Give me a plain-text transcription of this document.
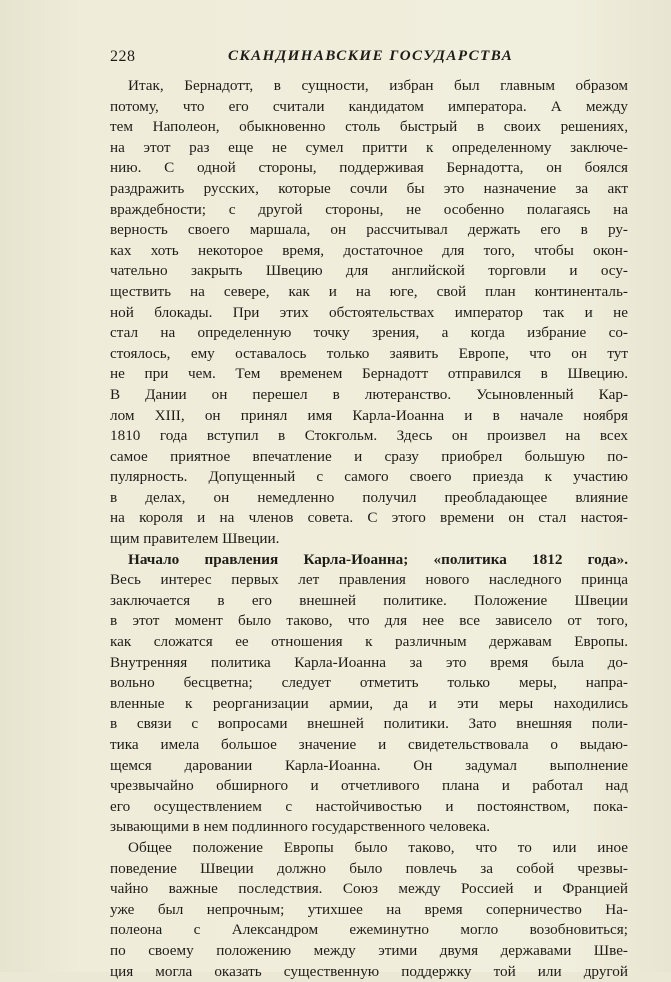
228	СКАНДИНАВСКИЕ ГОСУДАРСТВА
Итак, Бернадотт, в сущности, избран был главным образом
потому, что его считали кандидатом императора. А между
тем Наполеон, обыкновенно столь быстрый в своих решениях,
на этот раз еще не сумел притти к определенному заключе-
нию. С одной стороны, поддерживая Бернадотта, он боялся
раздражить русских, которые сочли бы это назначение за акт
враждебности; с другой стороны, не особенно полагаясь на
верность своего маршала, он рассчитывал держать его в ру-
ках хоть некоторое время, достаточное для того, чтобы окон-
чательно закрыть Швецию для английской торговли и осу-
ществить на севере, как и на юге, свой план континенталь-
ной блокады. При этих обстоятельствах император так и не
стал на определенную точку зрения, а когда избрание со-
стоялось, ему оставалось только заявить Европе, что он тут
не при чем. Тем временем Бернадотт отправился в Швецию.
В Дании он перешел в лютеранство. Усыновленный Кар-
лом XIII, он принял имя Карла-Иоанна и в начале ноября
1810 года вступил в Стокгольм. Здесь он произвел на всех
самое приятное впечатление и сразу приобрел большую по-
пулярность. Допущенный с самого своего приезда к участию
в делах, он немедленно получил преобладающее влияние
на короля и на членов совета. С этого времени он стал настоя-
щим правителем Швеции.
Начало правления Карла-Иоанна; «политика 1812 года».
Весь интерес первых лет правления нового наследного принца
заключается в его внешней политике. Положение Швеции
в этот момент было таково, что для нее все зависело от того,
как сложатся ее отношения к различным державам Европы.
Внутренняя политика Карла-Иоанна за это время была до-
вольно бесцветна; следует отметить только меры, напра-
вленные к реорганизации армии, да и эти меры находились
в связи с вопросами внешней политики. Зато внешняя поли-
тика имела большое значение и свидетельствовала о выдаю-
щемся даровании Карла-Иоанна. Он задумал выполнение
чрезвычайно обширного и отчетливого плана и работал над
его осуществлением с настойчивостью и постоянством, пока-
зывающими в нем подлинного государственного человека.
Общее положение Европы было таково, что то или иное
поведение Швеции должно было повлечь за собой чрезвы-
чайно важные последствия. Союз между Россией и Францией
уже был непрочным; утихшее на время соперничество На-
полеона с Александром ежеминутно могло возобновиться;
по своему положению между этими двумя державами Шве-
ция могла оказать существенную поддержку той или другой
